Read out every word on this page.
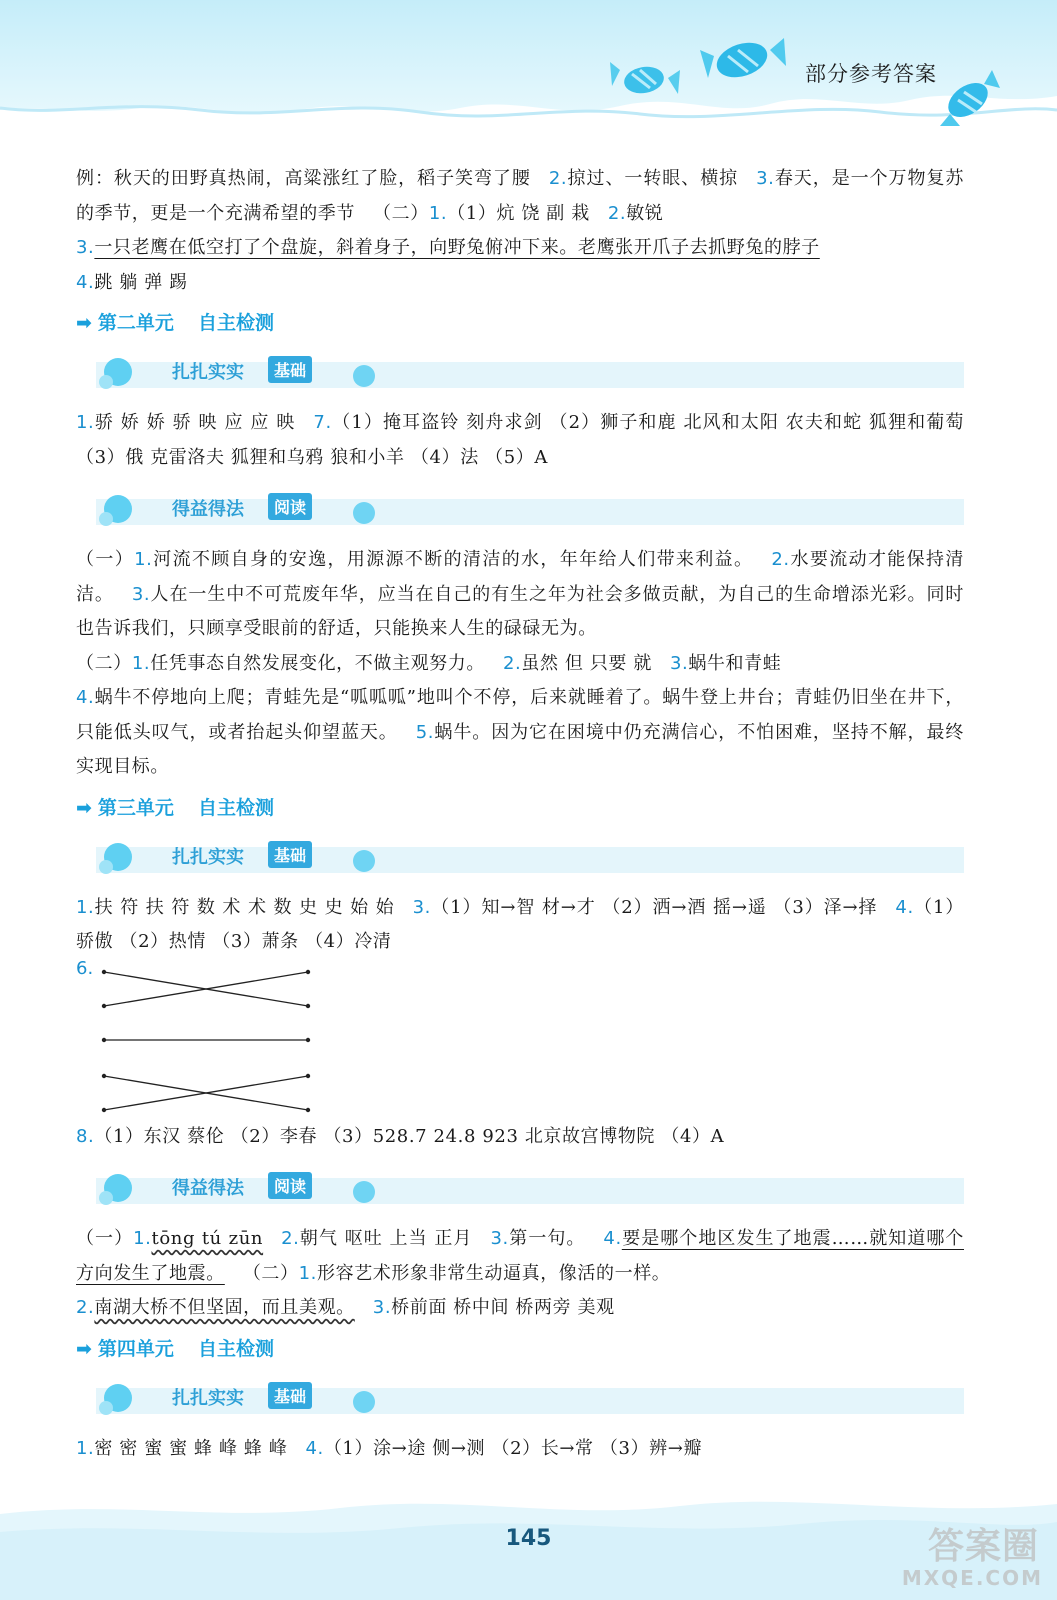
部分参考答案
145	答案圈
MXQE.COM
例：秋天的田野真热闹，高粱涨红了脸，稻子笑弯了腰 2.掠过、一转眼、横掠 3.春天，是一个万物复苏的季节，更是一个充满希望的季节 （二）1.（1）炕 饶 副 栽 2.敏锐
3.一只老鹰在低空打了个盘旋，斜着身子，向野兔俯冲下来。老鹰张开爪子去抓野兔的脖子
4.跳 躺 弹 踢
➡ 第二单元 自主检测
扎扎实实	基础
1.骄 娇 娇 骄 映 应 应 映 7.（1）掩耳盗铃 刻舟求剑 （2）狮子和鹿 北风和太阳 农夫和蛇 狐狸和葡萄 （3）俄 克雷洛夫 狐狸和乌鸦 狼和小羊 （4）法 （5）A
得益得法	阅读
（一）1.河流不顾自身的安逸，用源源不断的清洁的水，年年给人们带来利益。 2.水要流动才能保持清洁。 3.人在一生中不可荒废年华，应当在自己的有生之年为社会多做贡献，为自己的生命增添光彩。同时也告诉我们，只顾享受眼前的舒适，只能换来人生的碌碌无为。
（二）1.任凭事态自然发展变化，不做主观努力。 2.虽然 但 只要 就 3.蜗牛和青蛙
4.蜗牛不停地向上爬；青蛙先是“呱呱呱”地叫个不停，后来就睡着了。蜗牛登上井台；青蛙仍旧坐在井下，只能低头叹气，或者抬起头仰望蓝天。 5.蜗牛。因为它在困境中仍充满信心，不怕困难，坚持不解，最终实现目标。
➡ 第三单元 自主检测
扎扎实实	基础
1.扶 符 扶 符 数 术 术 数 史 史 始 始 3.（1）知→智 材→才 （2）洒→酒 摇→遥 （3）泽→择 4.（1）骄傲 （2）热情 （3）萧条 （4）冷清
6.
8.（1）东汉 蔡伦 （2）李春 （3）528.7 24.8 923 北京故宫博物院 （4）A
得益得法	阅读
（一）1.tōng tú zūn 2.朝气 呕吐 上当 正月 3.第一句。 4.要是哪个地区发生了地震……就知道哪个方向发生了地震。 （二）1.形容艺术形象非常生动逼真，像活的一样。
2.南湖大桥不但坚固，而且美观。 3.桥前面 桥中间 桥两旁 美观
➡ 第四单元 自主检测
扎扎实实	基础
1.密 密 蜜 蜜 蜂 峰 蜂 峰 4.（1）涂→途 侧→测 （2）长→常 （3）辨→瓣
